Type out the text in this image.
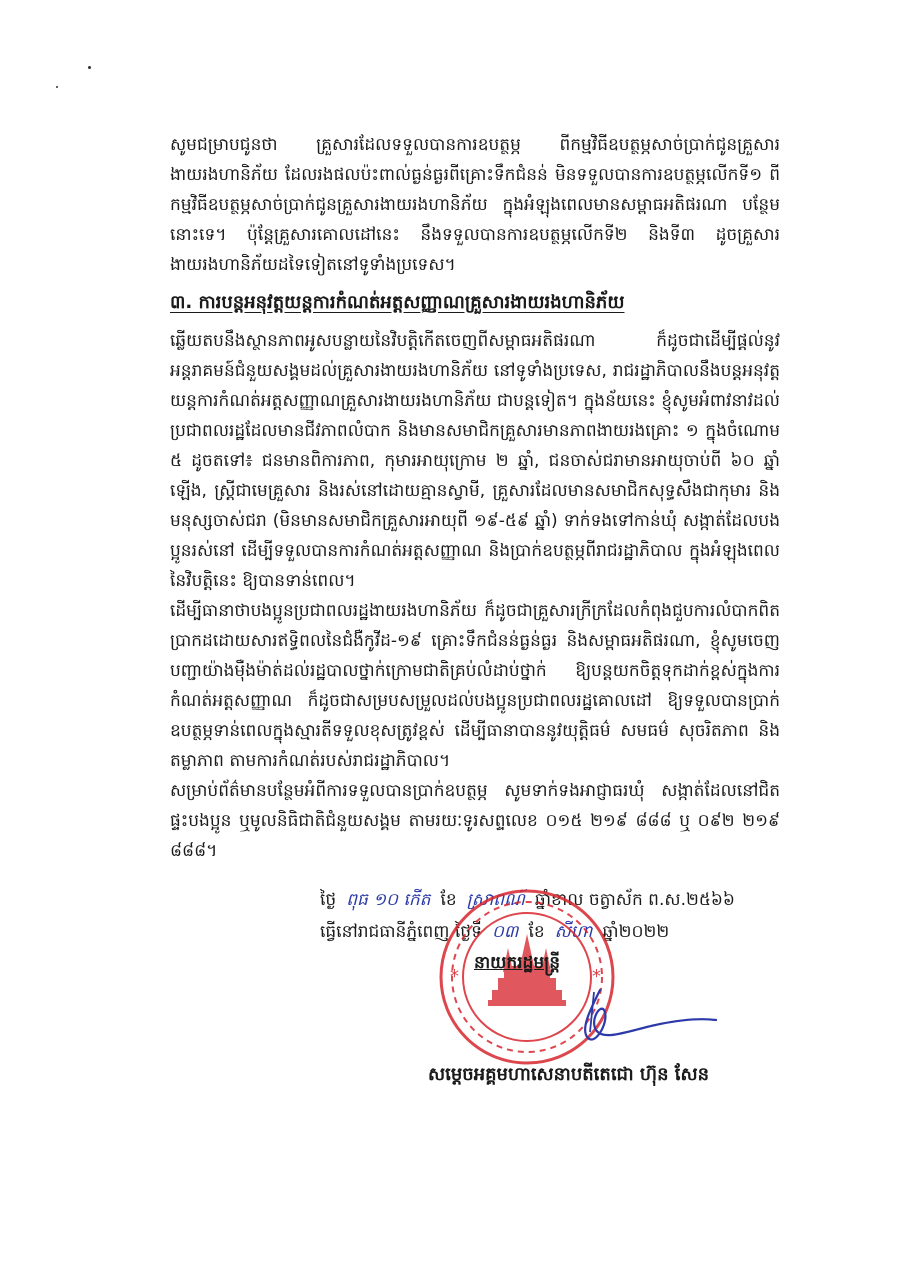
សូមជម្រាបជូនថា គ្រួសារដែលទទួលបានការឧបត្ថម្ភ ពីកម្មវិធីឧបត្ថម្ភសាច់ប្រាក់ជូនគ្រួសារងាយរងហានិភ័យ ដែលរងផលប៉ះពាល់ធ្ងន់ធ្ងរពីគ្រោះទឹកជំនន់ មិនទទួលបានការឧបត្ថម្ភលើកទី១ ពីកម្មវិធីឧបត្ថម្ភសាច់ប្រាក់ជូនគ្រួសារងាយរងហានិភ័យ ក្នុងអំឡុងពេលមានសម្ពាធអតិផរណា បន្ថែមនោះទេ។ ប៉ុន្តែគ្រួសារគោលដៅនេះ នឹងទទួលបានការឧបត្ថម្ភលើកទី២ និងទី៣ ដូចគ្រួសារងាយរងហានិភ័យដទៃទៀតនៅទូទាំងប្រទេស។

៣. ការបន្តអនុវត្តយន្តការកំណត់អត្តសញ្ញាណគ្រួសារងាយរងហានិភ័យ

ឆ្លើយតបនឹងស្ថានភាពអូសបន្លាយនៃវិបត្តិកើតចេញពីសម្ពាធអតិផរណា ក៏ដូចជាដើម្បីផ្តល់នូវអន្តរាគមន៍ជំនួយសង្គមដល់គ្រួសារងាយរងហានិភ័យ នៅទូទាំងប្រទេស, រាជរដ្ឋាភិបាលនឹងបន្តអនុវត្តយន្តការកំណត់អត្តសញ្ញាណគ្រួសារងាយរងហានិភ័យ ជាបន្តទៀត។ ក្នុងន័យនេះ ខ្ញុំសូមអំពាវនាវដល់ប្រជាពលរដ្ឋដែលមានជីវភាពលំបាក និងមានសមាជិកគ្រួសារមានភាពងាយរងគ្រោះ ១ ក្នុងចំណោម ៥ ដូចតទៅ៖ ជនមានពិការភាព, កុមារអាយុក្រោម ២ ឆ្នាំ, ជនចាស់ជរាមានអាយុចាប់ពី ៦០ ឆ្នាំឡើង, ស្ត្រីជាមេគ្រួសារ និងរស់នៅដោយគ្មានស្វាមី, គ្រួសារដែលមានសមាជិកសុទ្ធសឹងជាកុមារ និងមនុស្សចាស់ជរា (មិនមានសមាជិកគ្រួសារអាយុពី ១៩-៥៩ ឆ្នាំ) ទាក់ទងទៅកាន់ឃុំ សង្កាត់ដែលបងប្អូនរស់នៅ ដើម្បីទទួលបានការកំណត់អត្តសញ្ញាណ និងប្រាក់ឧបត្ថម្ភពីរាជរដ្ឋាភិបាល ក្នុងអំឡុងពេលនៃវិបត្តិនេះ ឱ្យបានទាន់ពេល។

ដើម្បីធានាថាបងប្អូនប្រជាពលរដ្ឋងាយរងហានិភ័យ ក៏ដូចជាគ្រួសារក្រីក្រដែលកំពុងជួបការលំបាកពិតប្រាកដដោយសារឥទ្ធិពលនៃជំងឺកូវីដ-១៩ គ្រោះទឹកជំនន់ធ្ងន់ធ្ងរ និងសម្ពាធអតិផរណា, ខ្ញុំសូមចេញបញ្ជាយ៉ាងម៉ឺងម៉ាត់ដល់រដ្ឋបាលថ្នាក់ក្រោមជាតិគ្រប់លំដាប់ថ្នាក់ ឱ្យបន្តយកចិត្តទុកដាក់ខ្ពស់ក្នុងការកំណត់អត្តសញ្ញាណ ក៏ដូចជាសម្របសម្រួលដល់បងប្អូនប្រជាពលរដ្ឋគោលដៅ ឱ្យទទួលបានប្រាក់ឧបត្ថម្ភទាន់ពេលក្នុងស្មារតីទទួលខុសត្រូវខ្ពស់ ដើម្បីធានាបាននូវយុត្តិធម៌ សមធម៌ សុចរិតភាព និងតម្លាភាព តាមការកំណត់របស់រាជរដ្ឋាភិបាល។

សម្រាប់ព័ត៌មានបន្ថែមអំពីការទទួលបានប្រាក់ឧបត្ថម្ភ សូមទាក់ទងអាជ្ញាធរឃុំ សង្កាត់ដែលនៅជិតផ្ទះបងប្អូន ឬមូលនិធិជាតិជំនួយសង្គម តាមរយៈទូរសព្ទលេខ ០១៥ ២១៩ ៨៨៨ ឬ ០៩២ ២១៩ ៨៨៨។

ថ្ងៃ ពុធ ១០ កើត ខែ ស្រាពណ៍ ឆ្នាំខាល ចត្វាស័ក ព.ស.២៥៦៦
ធ្វើនៅរាជធានីភ្នំពេញ ថ្ងៃទី ០៣ ខែ សីហា ឆ្នាំ២០២២
*	*
នាយករដ្ឋមន្ត្រី
សម្តេចអគ្គមហាសេនាបតីតេជោ ហ៊ុន សែន
